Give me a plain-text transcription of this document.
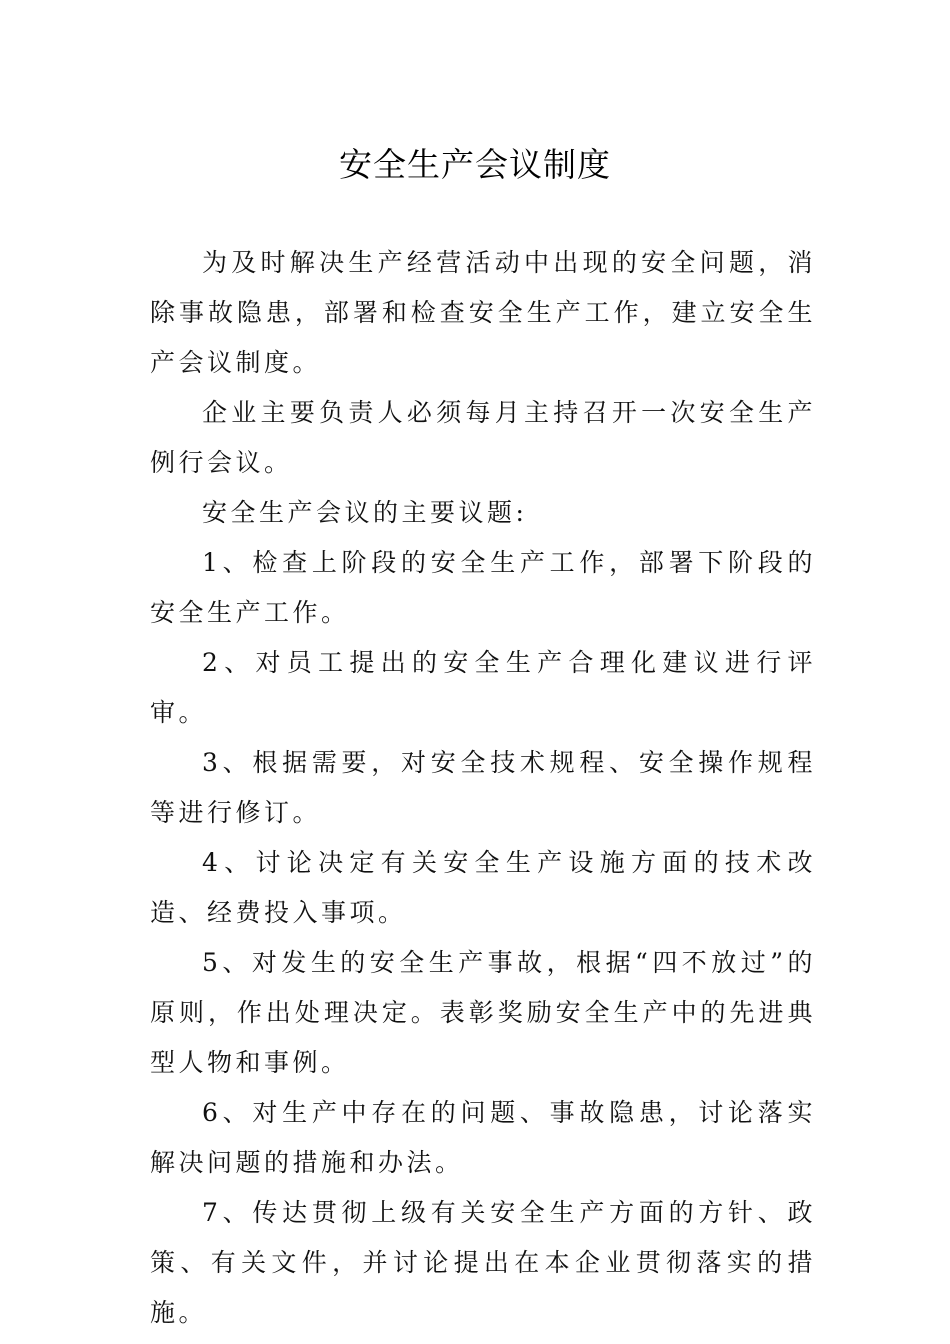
安全生产会议制度

为及时解决生产经营活动中出现的安全问题，消除事故隐患，部署和检查安全生产工作，建立安全生产会议制度。

企业主要负责人必须每月主持召开一次安全生产例行会议。

安全生产会议的主要议题:

1、检查上阶段的安全生产工作，部署下阶段的安全生产工作。

2、对员工提出的安全生产合理化建议进行评审。

3、根据需要，对安全技术规程、安全操作规程等进行修订。

4、讨论决定有关安全生产设施方面的技术改造、经费投入事项。

5、对发生的安全生产事故，根据“四不放过”的原则，作出处理决定。表彰奖励安全生产中的先进典型人物和事例。

6、对生产中存在的问题、事故隐患，讨论落实解决问题的措施和办法。

7、传达贯彻上级有关安全生产方面的方针、政策、有关文件，并讨论提出在本企业贯彻落实的措施。
